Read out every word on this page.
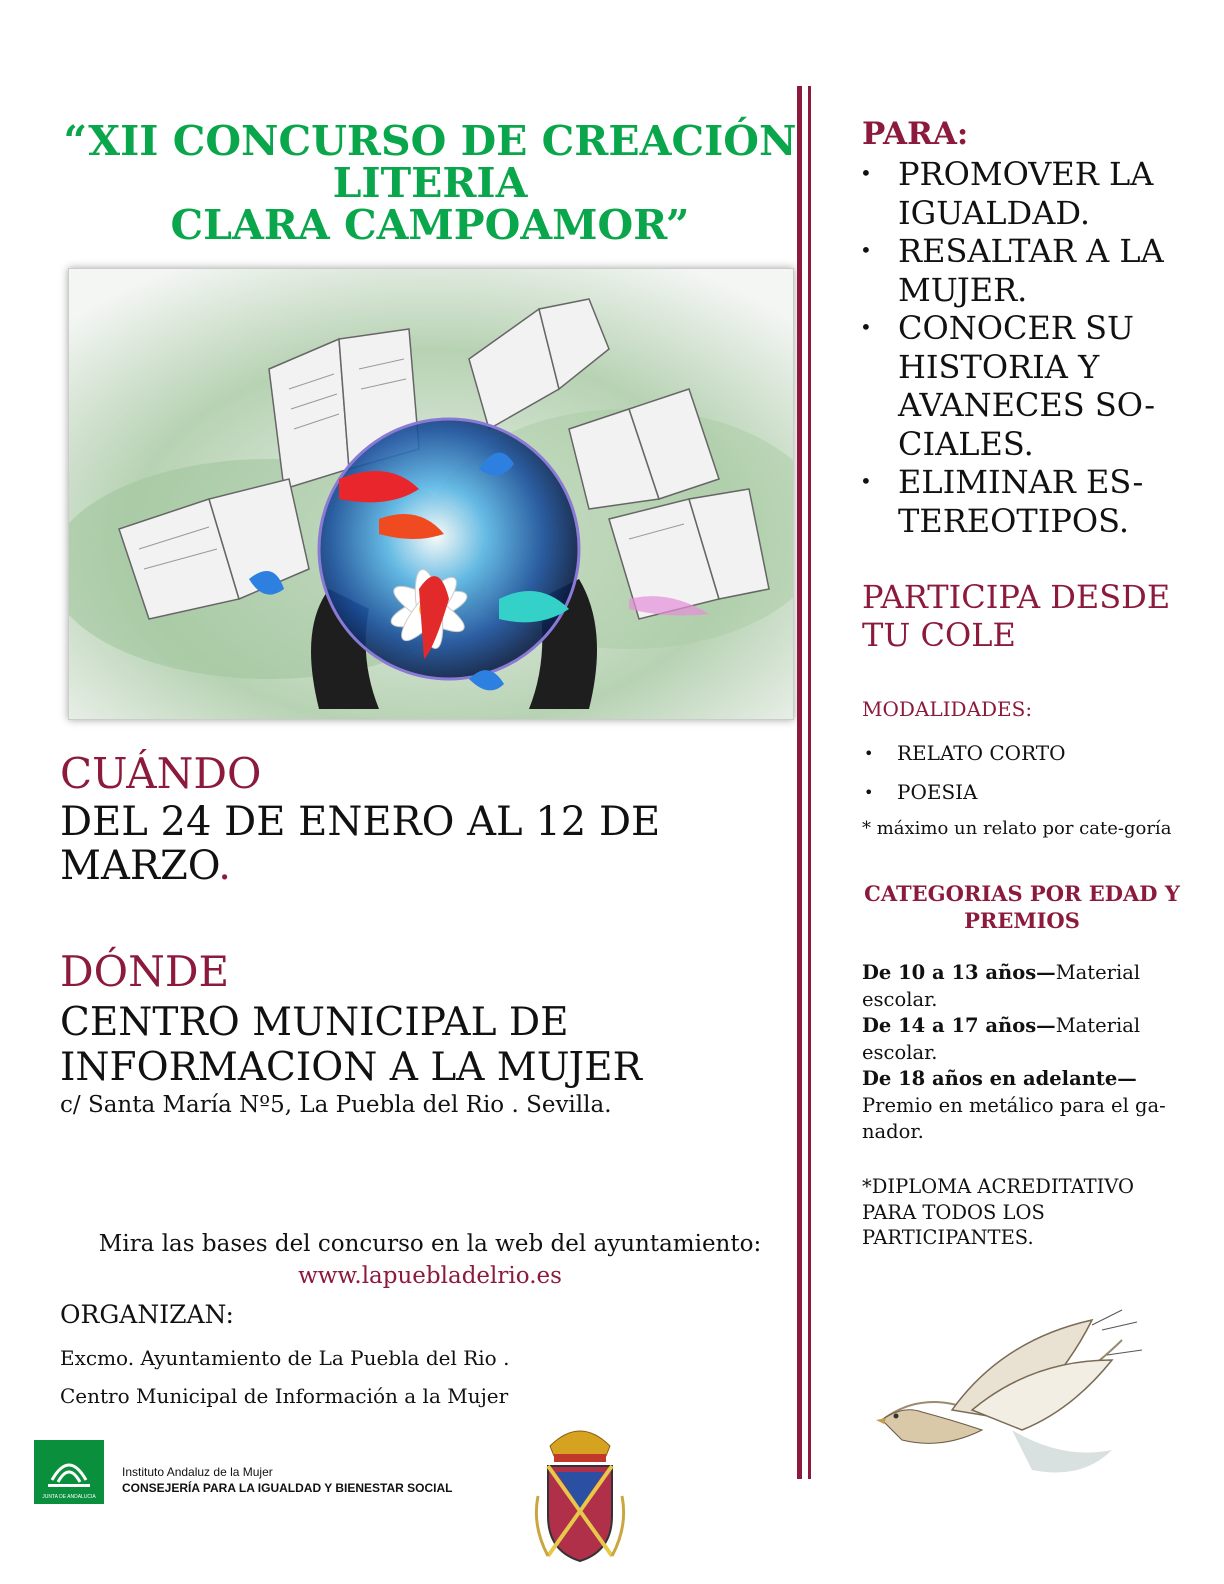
“XII CONCURSO DE CREACIÓN
LITERIA
CLARA CAMPOAMOR”
CUÁNDO
DEL 24 DE ENERO AL 12 DE MARZO.
DÓNDE
CENTRO MUNICIPAL DE INFORMACION A LA MUJER
c/ Santa María Nº5, La Puebla del Rio . Sevilla.
Mira las bases del concurso en la web del ayuntamiento:
www.lapuebladelrio.es
ORGANIZAN:
Excmo. Ayuntamiento de La Puebla del Rio .
Centro Municipal de Información a la Mujer
JUNTA DE ANDALUCIA
Instituto Andaluz de la Mujer
CONSEJERÍA PARA LA IGUALDAD Y BIENESTAR SOCIAL
PARA:
• PROMOVER LA IGUALDAD.
• RESALTAR A LA MUJER.
• CONOCER SU HISTORIA Y AVANECES SO-CIALES.
• ELIMINAR ES-TEREOTIPOS.
PARTICIPA DESDE TU COLE
MODALIDADES:
• RELATO CORTO
• POESIA
* máximo un relato por cate-goría
CATEGORIAS POR EDAD Y PREMIOS
De 10 a 13 años—Material escolar.
De 14 a 17 años—Material escolar.
De 18 años en adelante—Premio en metálico para el ga-nador.
*DIPLOMA ACREDITATIVO PARA TODOS LOS PARTICIPANTES.
